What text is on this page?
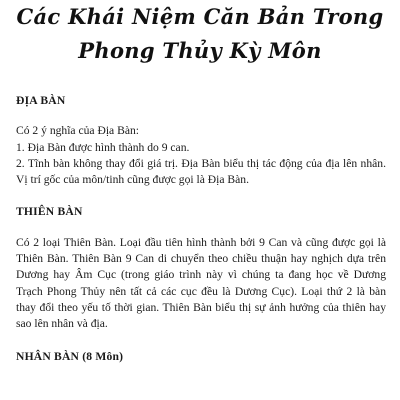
Các Khái Niệm Căn Bản Trong
Phong Thủy Kỳ Môn
ĐỊA BÀN

Có 2 ý nghĩa của Địa Bàn:

1. Địa Bàn được hình thành do 9 can.

2. Tĩnh bàn không thay đổi giá trị. Địa Bàn biểu thị tác động của địa lên nhân. Vị trí gốc của môn/tinh cũng được gọi là Địa Bàn.

THIÊN BÀN

Có 2 loại Thiên Bàn. Loại đầu tiên hình thành bởi 9 Can và cũng được gọi là Thiên Bàn. Thiên Bàn 9 Can di chuyển theo chiều thuận hay nghịch dựa trên Dương hay Âm Cục (trong giáo trình này vì chúng ta đang học về Dương Trạch Phong Thủy nên tất cả các cục đều là Dương Cục). Loại thứ 2 là bàn thay đổi theo yếu tố thời gian. Thiên Bàn biểu thị sự ảnh hưởng của thiên hay sao lên nhân và địa.

NHÂN BÀN (8 Môn)
